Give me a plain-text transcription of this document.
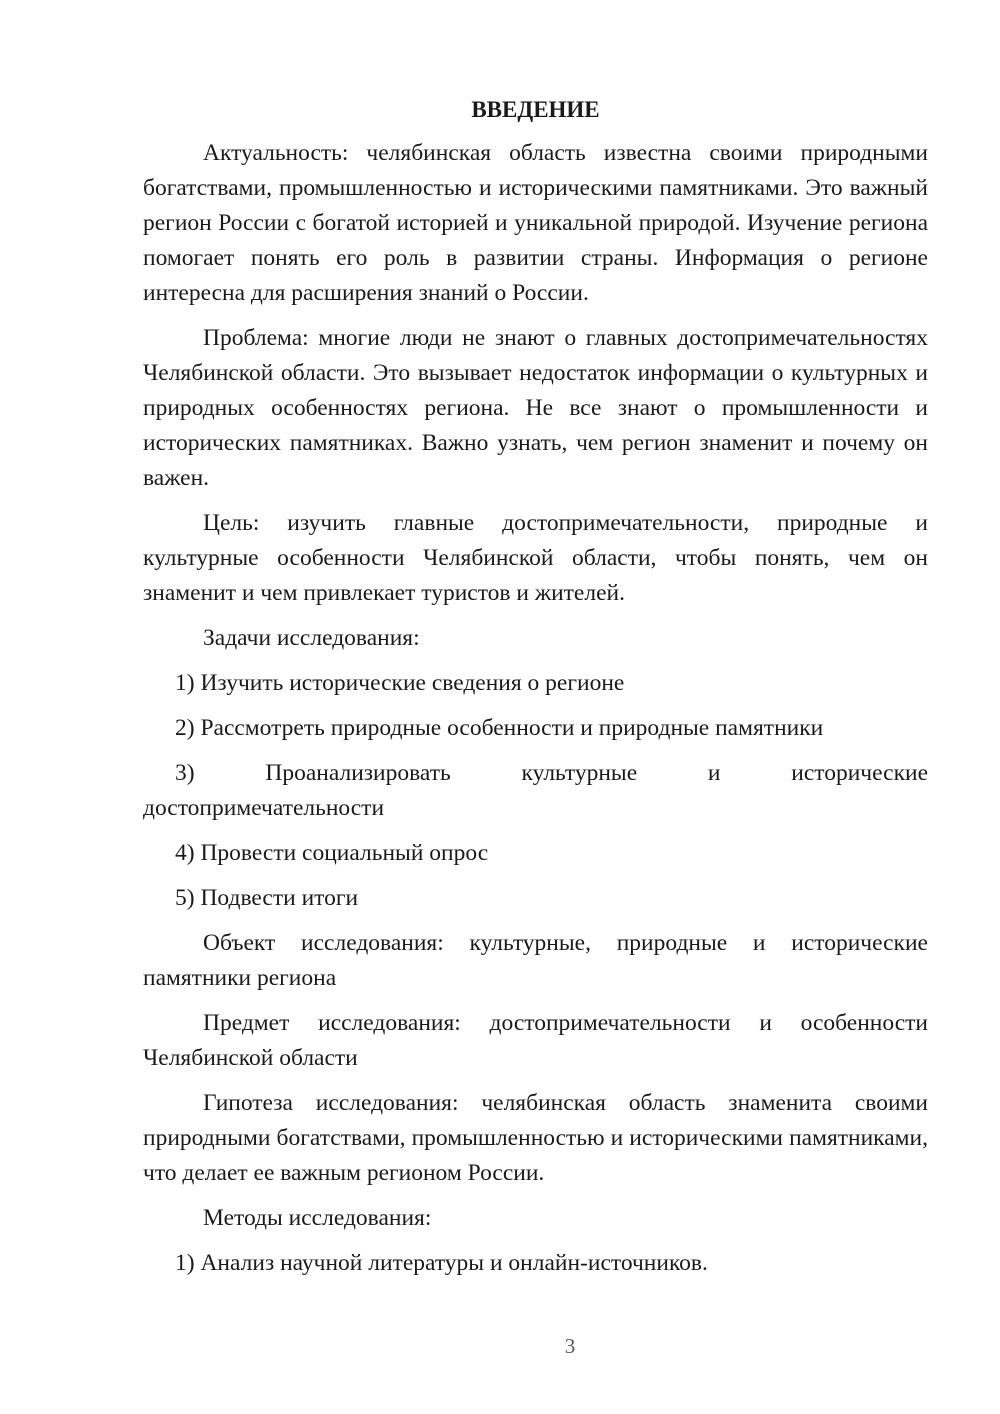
ВВЕДЕНИЕ

Актуальность: челябинская область известна своими природными богатствами, промышленностью и историческими памятниками. Это важный регион России с богатой историей и уникальной природой. Изучение региона помогает понять его роль в развитии страны. Информация о регионе интересна для расширения знаний о России.

Проблема: многие люди не знают о главных достопримечательностях Челябинской области. Это вызывает недостаток информации о культурных и природных особенностях региона. Не все знают о промышленности и исторических памятниках. Важно узнать, чем регион знаменит и почему он важен.

Цель: изучить главные достопримечательности, природные и культурные особенности Челябинской области, чтобы понять, чем он знаменит и чем привлекает туристов и жителей.

Задачи исследования:

1) Изучить исторические сведения о регионе

2) Рассмотреть природные особенности и природные памятники

3)	Проанализировать	культурные	и	исторические

достопримечательности

4) Провести социальный опрос

5) Подвести итоги

Объект исследования: культурные, природные и исторические памятники региона

Предмет исследования: достопримечательности и особенности Челябинской области

Гипотеза исследования: челябинская область знаменита своими природными богатствами, промышленностью и историческими памятниками, что делает ее важным регионом России.

Методы исследования:

1) Анализ научной литературы и онлайн-источников.

3
